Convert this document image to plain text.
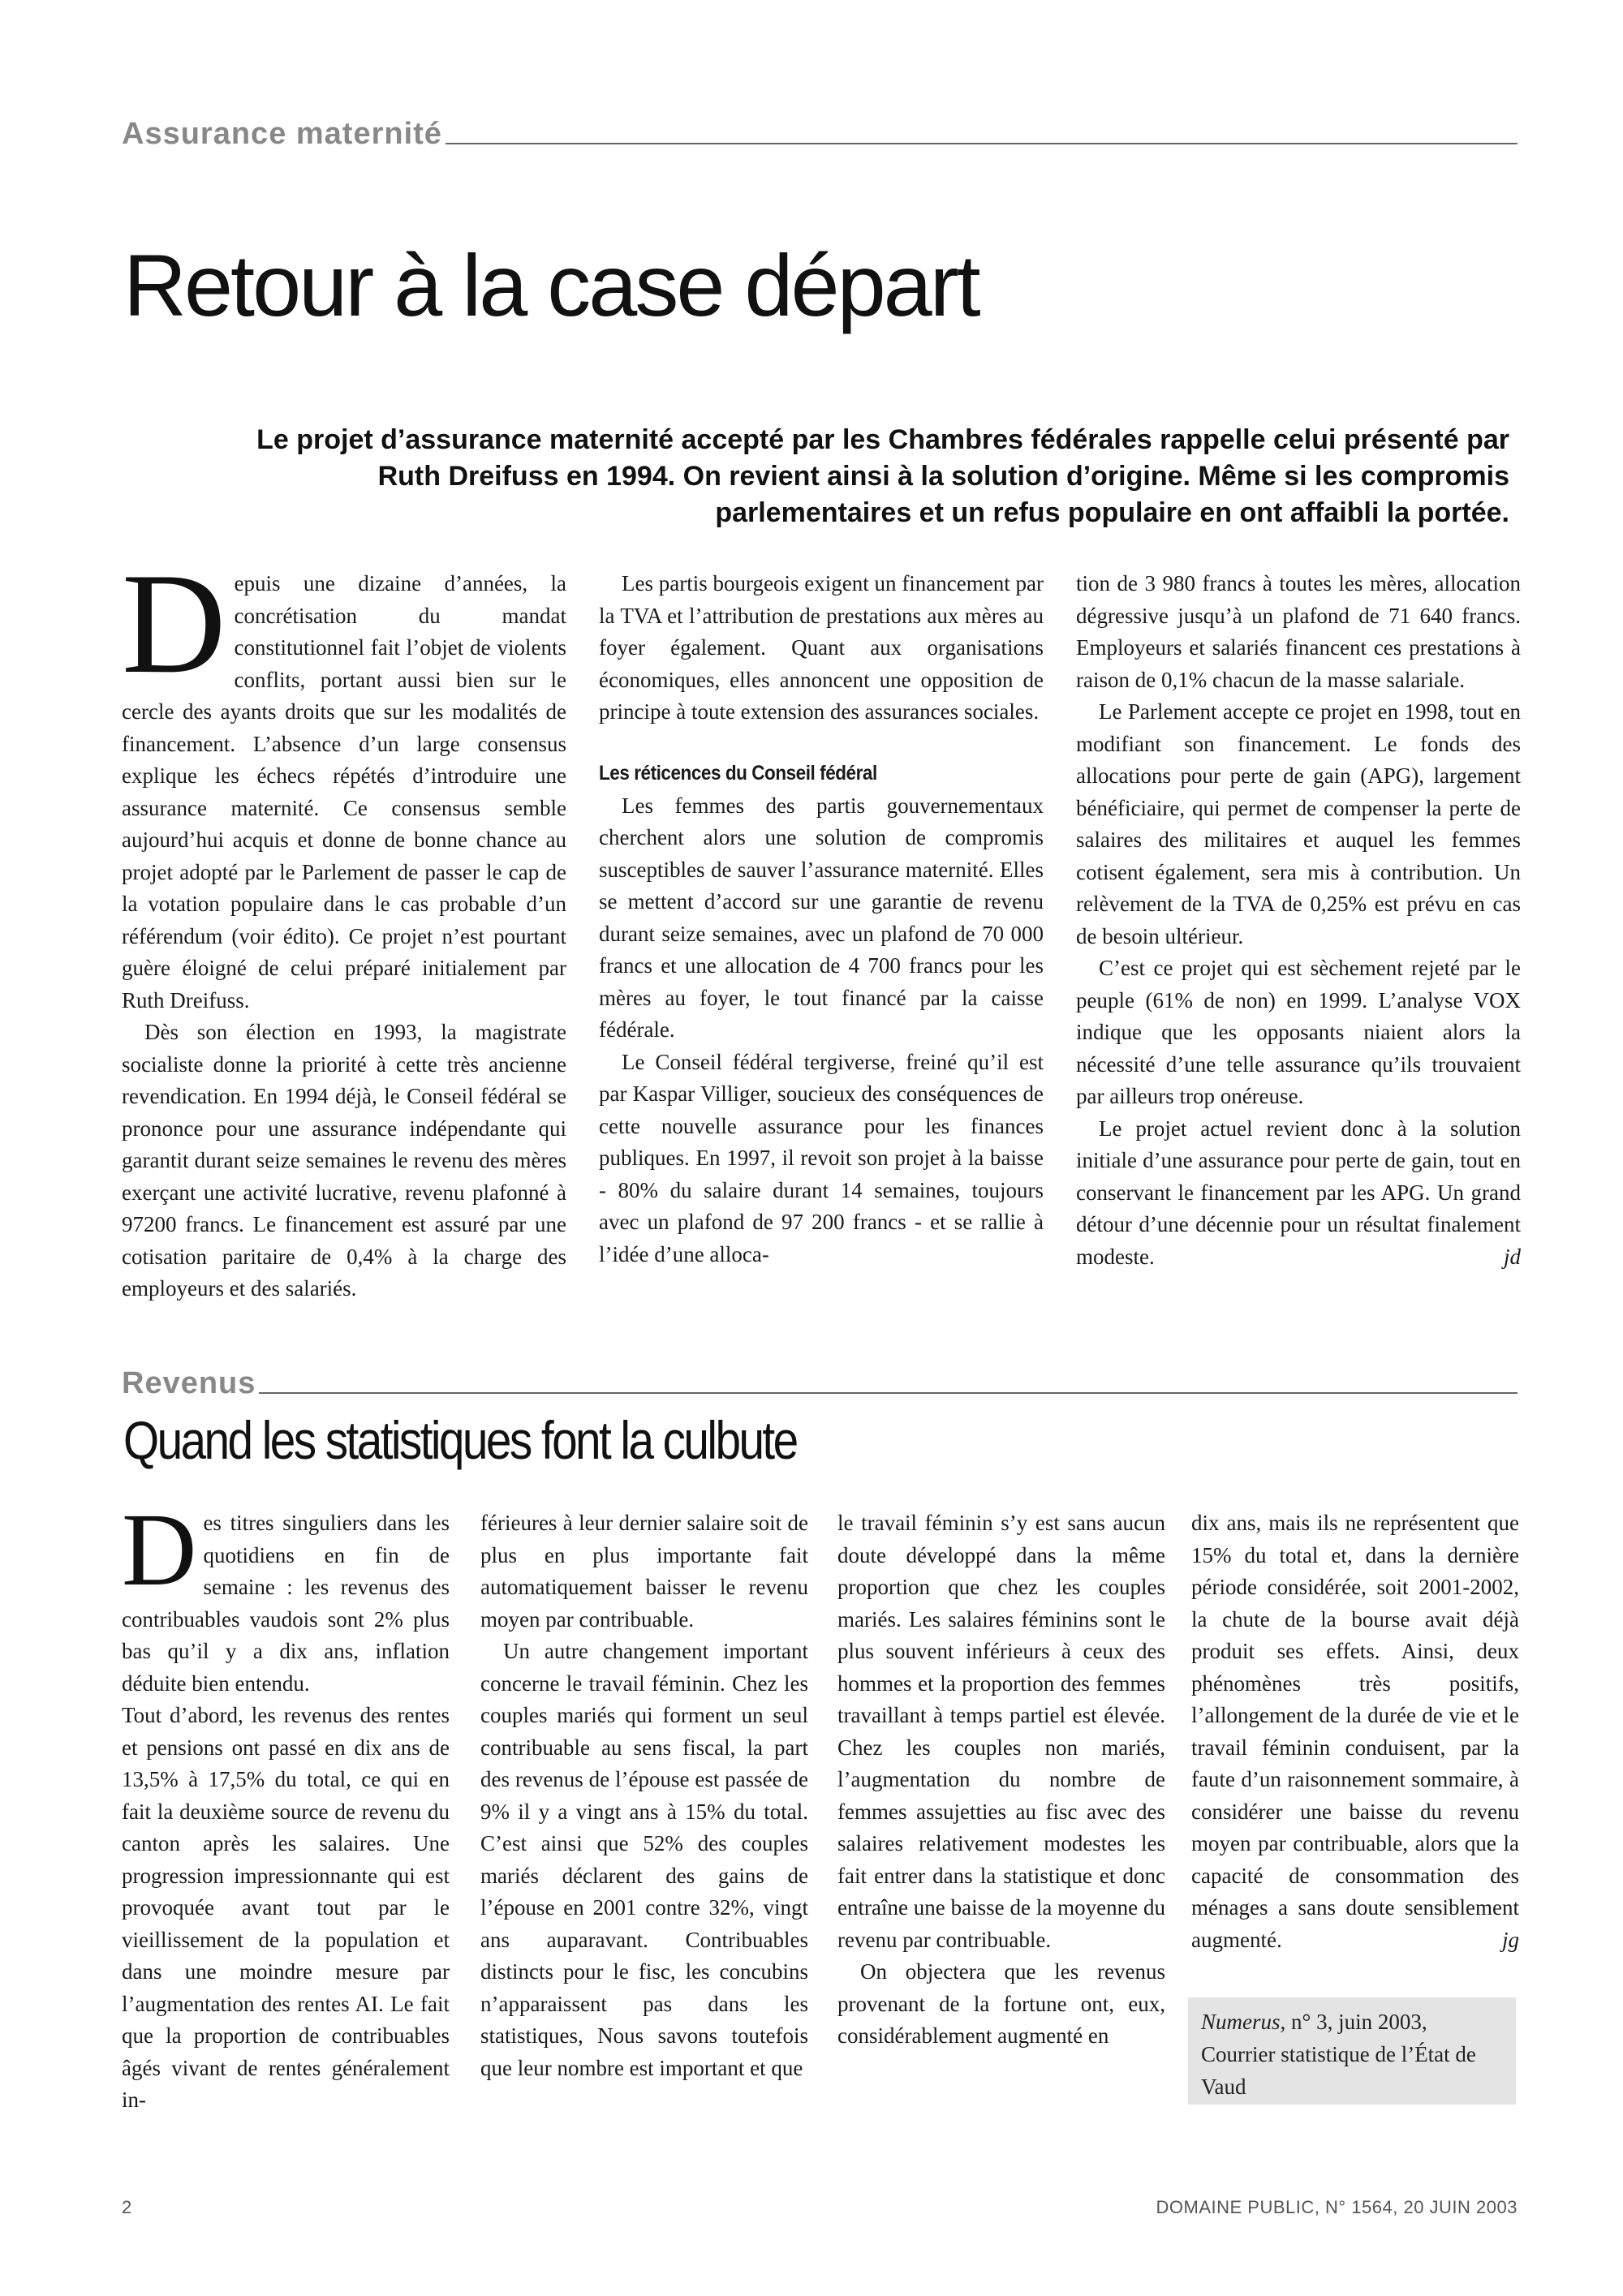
Assurance maternité
Retour à la case départ

Le projet d’assurance maternité accepté par les Chambres fédérales rappelle celui présenté par Ruth Dreifuss en 1994. On revient ainsi à la solution d’origine. Même si les compromis parlementaires et un refus populaire en ont affaibli la portée.

Depuis une dizaine d’années, la concrétisation du mandat constitutionnel fait l’objet de violents conflits, portant aussi bien sur le cercle des ayants droits que sur les modalités de financement. L’absence d’un large consensus explique les échecs répétés d’introduire une assurance maternité. Ce consensus semble aujourd’hui acquis et donne de bonne chance au projet adopté par le Parlement de passer le cap de la votation populaire dans le cas probable d’un référendum (voir édito). Ce projet n’est pourtant guère éloigné de celui préparé initialement par Ruth Dreifuss.

Dès son élection en 1993, la magistrate socialiste donne la priorité à cette très ancienne revendication. En 1994 déjà, le Conseil fédéral se prononce pour une assurance indépendante qui garantit durant seize semaines le revenu des mères exerçant une activité lucrative, revenu plafonné à 97200 francs. Le financement est assuré par une cotisation paritaire de 0,4% à la charge des employeurs et des salariés.

Les partis bourgeois exigent un financement par la TVA et l’attribution de prestations aux mères au foyer également. Quant aux organisations économiques, elles annoncent une opposition de principe à toute extension des assurances sociales.

Les réticences du Conseil fédéral

Les femmes des partis gouvernementaux cherchent alors une solution de compromis susceptibles de sauver l’assurance maternité. Elles se mettent d’accord sur une garantie de revenu durant seize semaines, avec un plafond de 70 000 francs et une allocation de 4 700 francs pour les mères au foyer, le tout financé par la caisse fédérale.

Le Conseil fédéral tergiverse, freiné qu’il est par Kaspar Villiger, soucieux des conséquences de cette nouvelle assurance pour les finances publiques. En 1997, il revoit son projet à la baisse - 80% du salaire durant 14 semaines, toujours avec un plafond de 97 200 francs - et se rallie à l’idée d’une alloca-

tion de 3 980 francs à toutes les mères, allocation dégressive jusqu’à un plafond de 71 640 francs. Employeurs et salariés financent ces prestations à raison de 0,1% chacun de la masse salariale.

Le Parlement accepte ce projet en 1998, tout en modifiant son financement. Le fonds des allocations pour perte de gain (APG), largement bénéficiaire, qui permet de compenser la perte de salaires des militaires et auquel les femmes cotisent également, sera mis à contribution. Un relèvement de la TVA de 0,25% est prévu en cas de besoin ultérieur.

C’est ce projet qui est sèchement rejeté par le peuple (61% de non) en 1999. L’analyse VOX indique que les opposants niaient alors la nécessité d’une telle assurance qu’ils trouvaient par ailleurs trop onéreuse.

Le projet actuel revient donc à la solution initiale d’une assurance pour perte de gain, tout en conservant le financement par les APG. Un grand détour d’une décennie pour un résultat finalement modeste.	jd

Revenus
Quand les statistiques font la culbute

Des titres singuliers dans les quotidiens en fin de semaine : les revenus des contribuables vaudois sont 2% plus bas qu’il y a dix ans, inflation déduite bien entendu.

Tout d’abord, les revenus des rentes et pensions ont passé en dix ans de 13,5% à 17,5% du total, ce qui en fait la deuxième source de revenu du canton après les salaires. Une progression impressionnante qui est provoquée avant tout par le vieillissement de la population et dans une moindre mesure par l’augmentation des rentes AI. Le fait que la proportion de contribuables âgés vivant de rentes généralement in-

férieures à leur dernier salaire soit de plus en plus importante fait automatiquement baisser le revenu moyen par contribuable.

Un autre changement important concerne le travail féminin. Chez les couples mariés qui forment un seul contribuable au sens fiscal, la part des revenus de l’épouse est passée de 9% il y a vingt ans à 15% du total. C’est ainsi que 52% des couples mariés déclarent des gains de l’épouse en 2001 contre 32%, vingt ans auparavant. Contribuables distincts pour le fisc, les concubins n’apparaissent pas dans les statistiques, Nous savons toutefois que leur nombre est important et que

le travail féminin s’y est sans aucun doute développé dans la même proportion que chez les couples mariés. Les salaires féminins sont le plus souvent inférieurs à ceux des hommes et la proportion des femmes travaillant à temps partiel est élevée. Chez les couples non mariés, l’augmentation du nombre de femmes assujetties au fisc avec des salaires relativement modestes les fait entrer dans la statistique et donc entraîne une baisse de la moyenne du revenu par contribuable.

On objectera que les revenus provenant de la fortune ont, eux, considérablement augmenté en

dix ans, mais ils ne représentent que 15% du total et, dans la dernière période considérée, soit 2001-2002, la chute de la bourse avait déjà produit ses effets. Ainsi, deux phénomènes très positifs, l’allongement de la durée de vie et le travail féminin conduisent, par la faute d’un raisonnement sommaire, à considérer une baisse du revenu moyen par contribuable, alors que la capacité de consommation des ménages a sans doute sensiblement augmenté.	jg

Numerus, n° 3, juin 2003, Courrier statistique de l’État de Vaud
2	DOMAINE PUBLIC, N° 1564, 20 JUIN 2003
